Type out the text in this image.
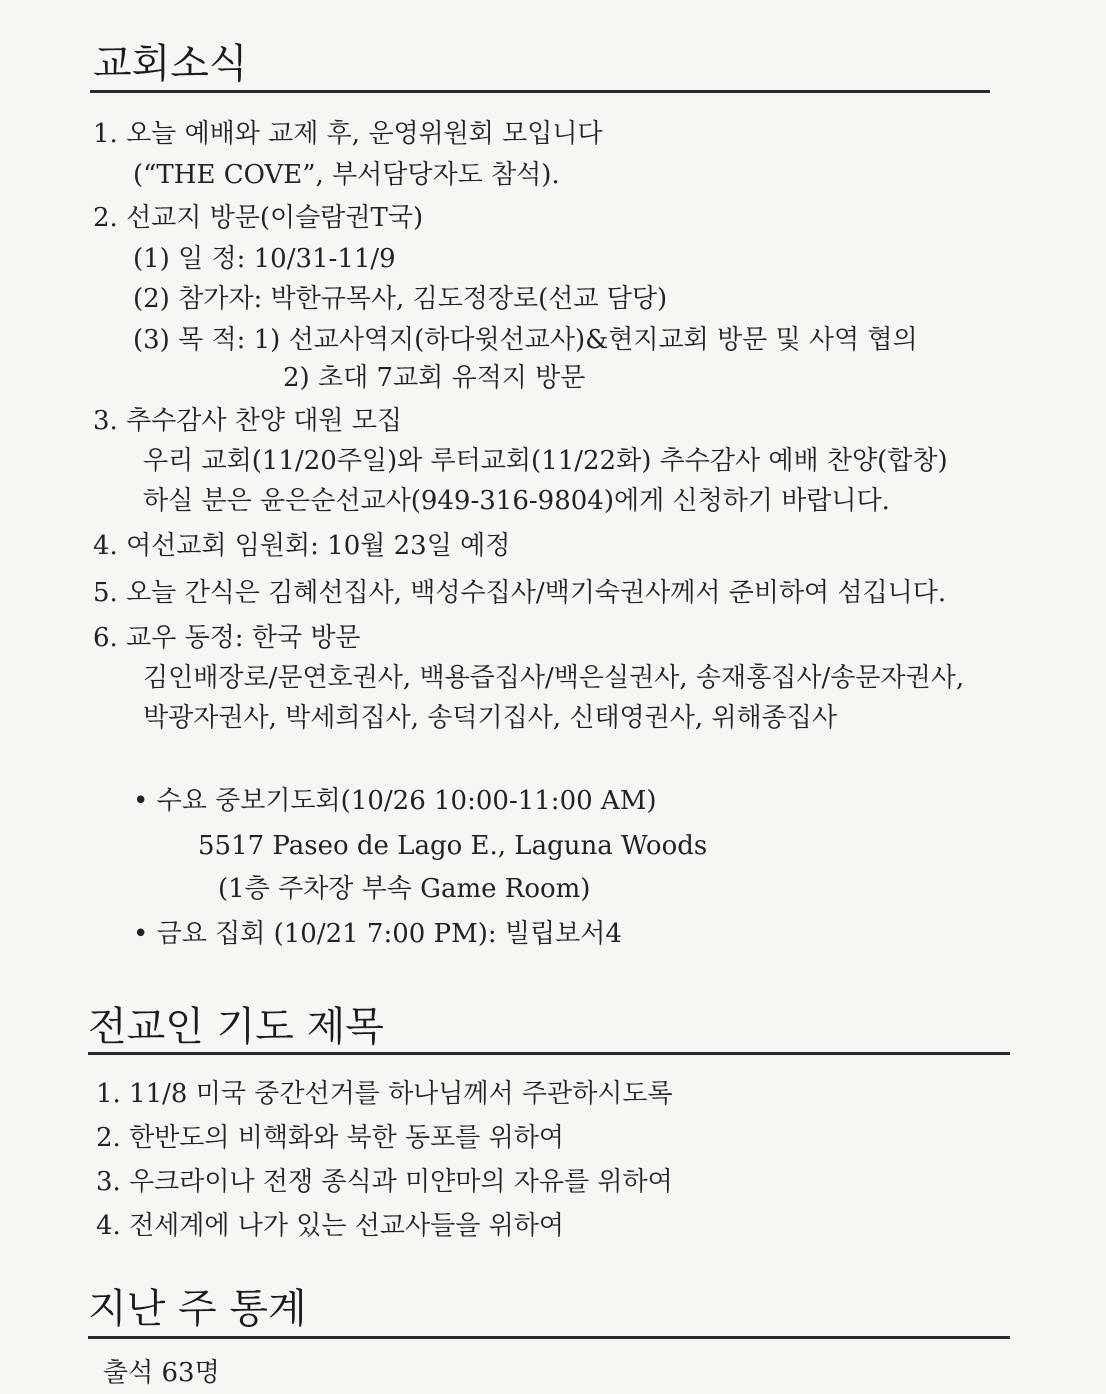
교회소식
1. 오늘 예배와 교제 후, 운영위원회 모입니다
(“THE COVE”, 부서담당자도 참석).
2. 선교지 방문(이슬람권T국)
(1) 일 정: 10/31-11/9
(2) 참가자: 박한규목사, 김도정장로(선교 담당)
(3) 목 적: 1) 선교사역지(하다윗선교사)&현지교회 방문 및 사역 협의
2) 초대 7교회 유적지 방문
3. 추수감사 찬양 대원 모집
우리 교회(11/20주일)와 루터교회(11/22화) 추수감사 예배 찬양(합창)
하실 분은 윤은순선교사(949-316-9804)에게 신청하기 바랍니다.
4. 여선교회 임원회: 10월 23일 예정
5. 오늘 간식은 김혜선집사, 백성수집사/백기숙권사께서 준비하여 섬깁니다.
6. 교우 동정: 한국 방문
김인배장로/문연호권사, 백용즙집사/백은실권사, 송재홍집사/송문자권사,
박광자권사, 박세희집사, 송덕기집사, 신태영권사, 위해종집사
• 수요 중보기도회(10/26 10:00-11:00 AM)
5517 Paseo de Lago E., Laguna Woods
(1층 주차장 부속 Game Room)
• 금요 집회 (10/21 7:00 PM): 빌립보서4
전교인 기도 제목
1. 11/8 미국 중간선거를 하나님께서 주관하시도록
2. 한반도의 비핵화와 북한 동포를 위하여
3. 우크라이나 전쟁 종식과 미얀마의 자유를 위하여
4. 전세계에 나가 있는 선교사들을 위하여
지난 주 통계
출석 63명
